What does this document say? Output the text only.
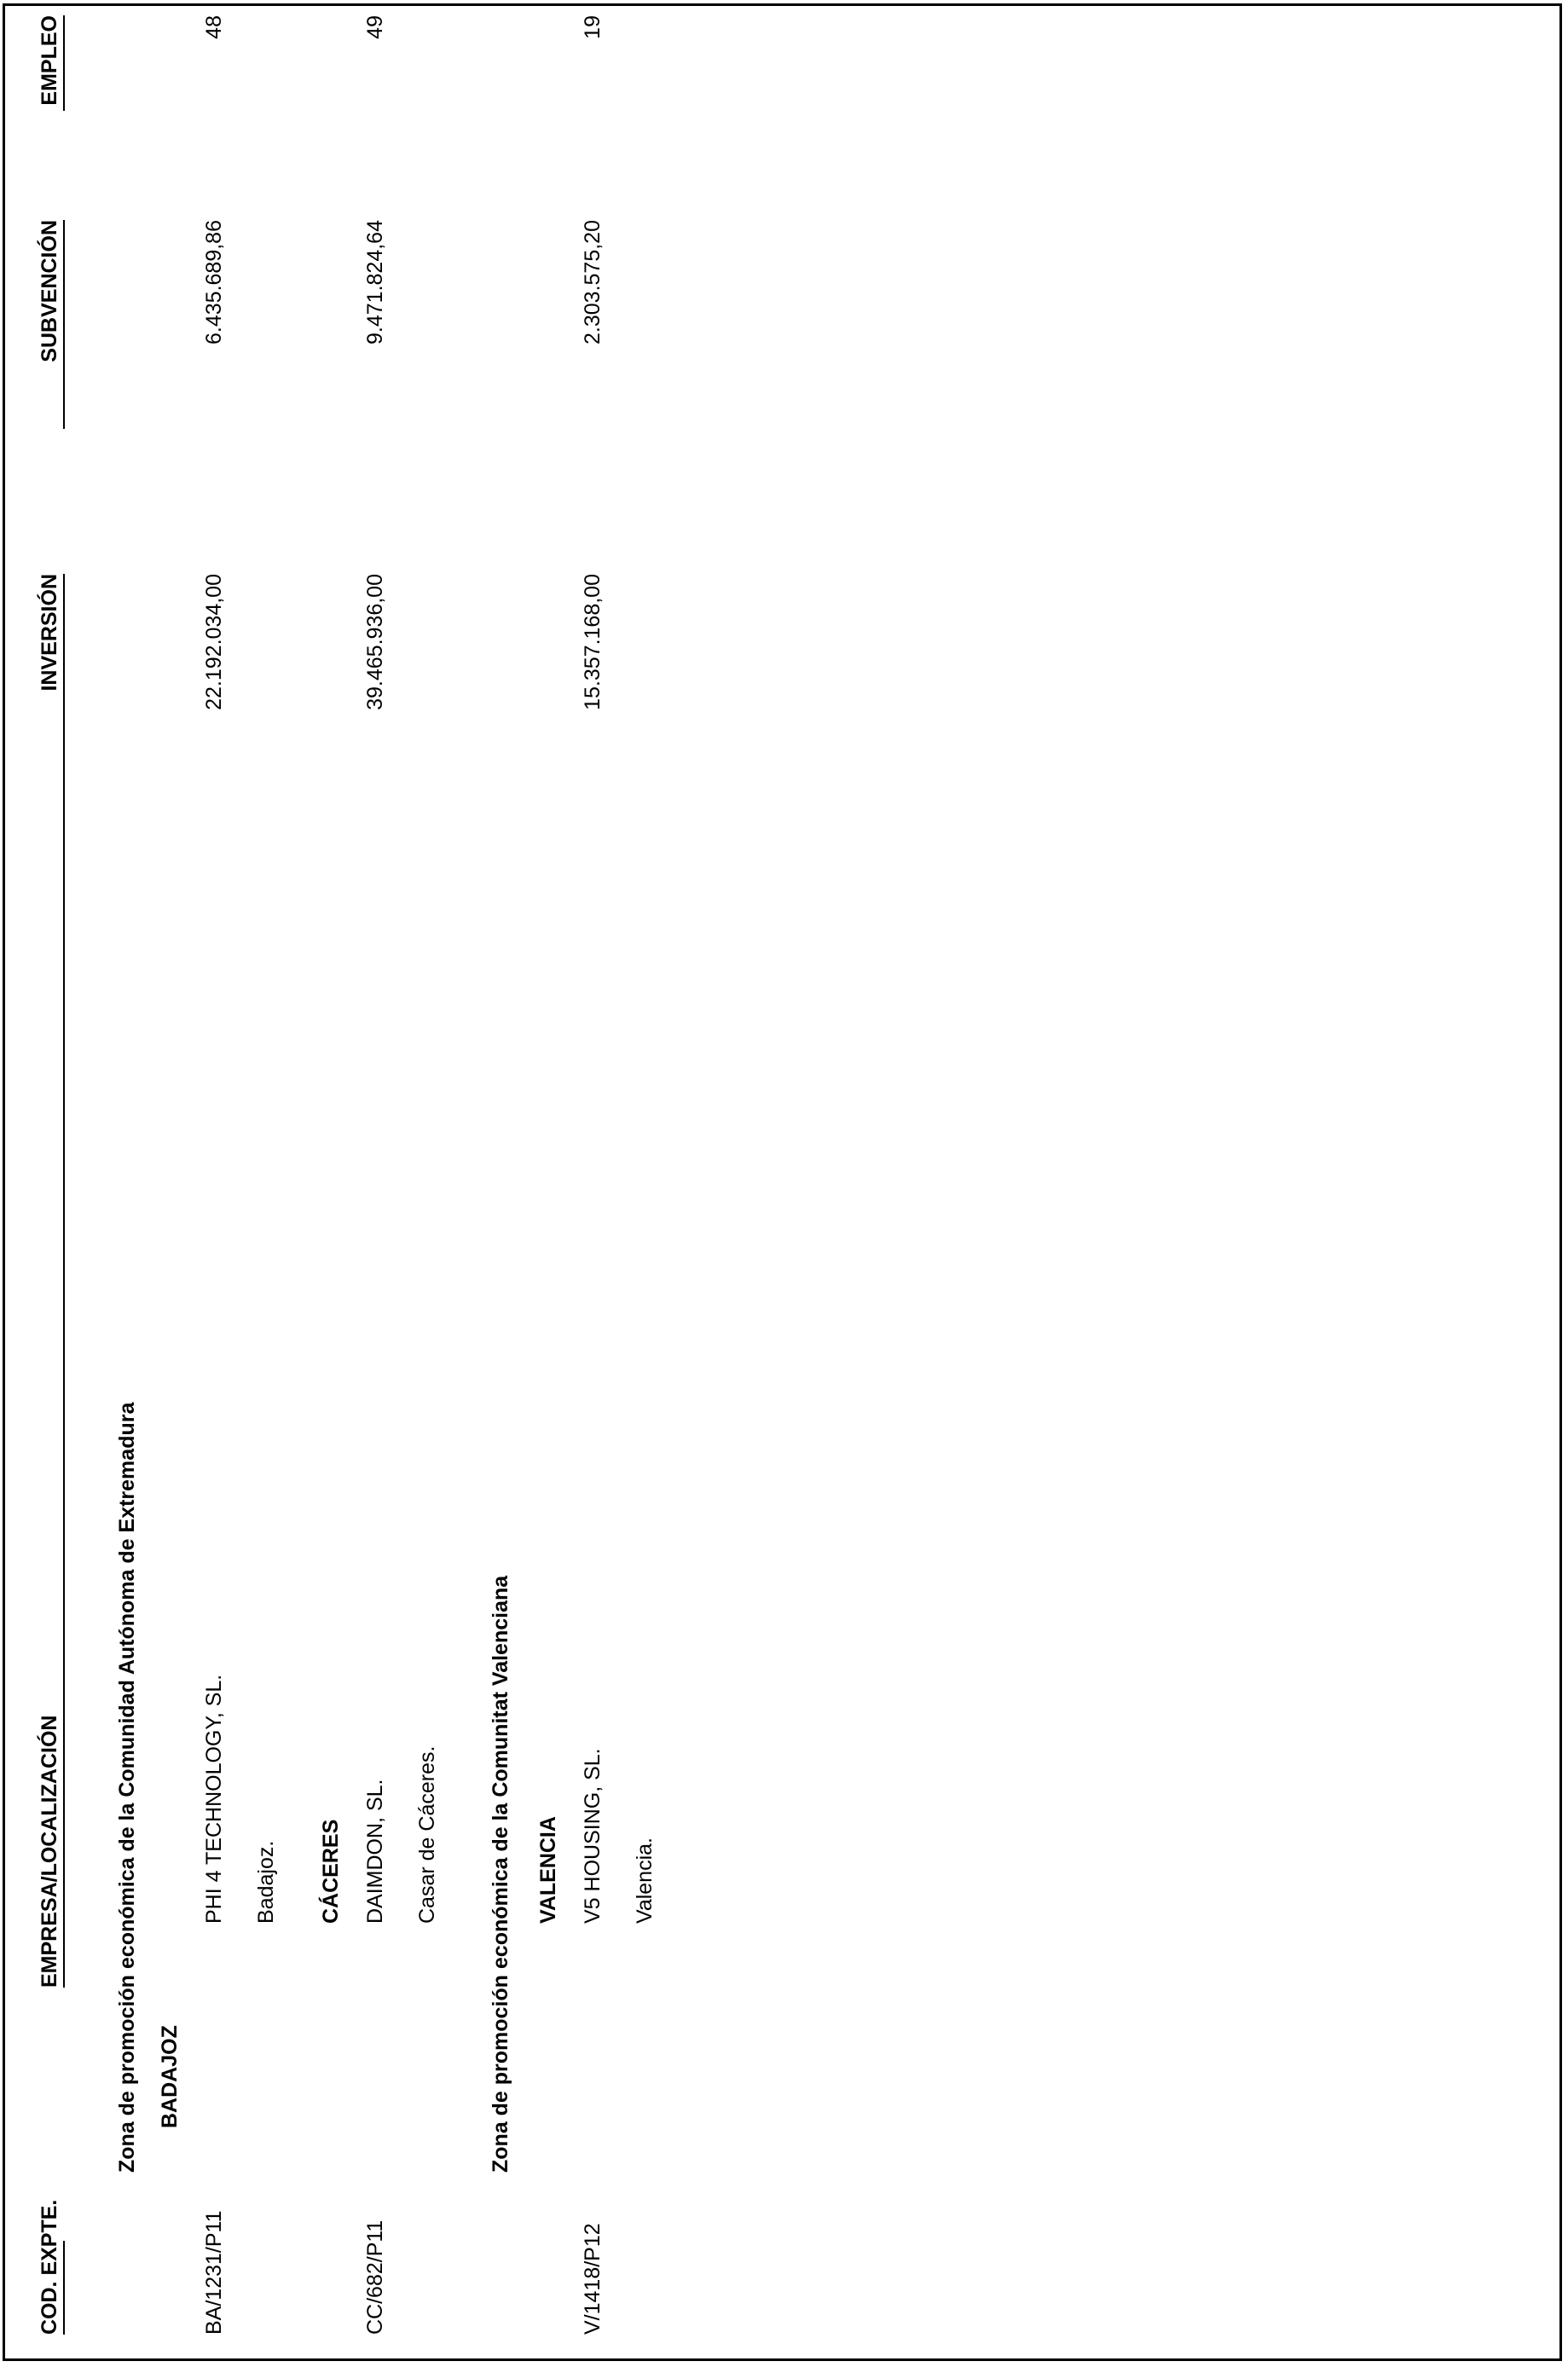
COD. EXPTE.
EMPRESA/LOCALIZACIÓN
INVERSIÓN
SUBVENCIÓN
EMPLEO
Zona de promoción económica de la Comunidad Autónoma de Extremadura BADAJOZ
BA/1231/P11
PHI 4 TECHNOLOGY, SL.
22.192.034,00
6.435.689,86
48
Badajoz. CÁCERES
CC/682/P11
DAIMDON, SL.
39.465.936,00
9.471.824,64
49
Casar de Cáceres. Zona de promoción económica de la Comunitat Valenciana VALENCIA
V/1418/P12
V5 HOUSING, SL.
15.357.168,00
2.303.575,20
19
Valencia.
